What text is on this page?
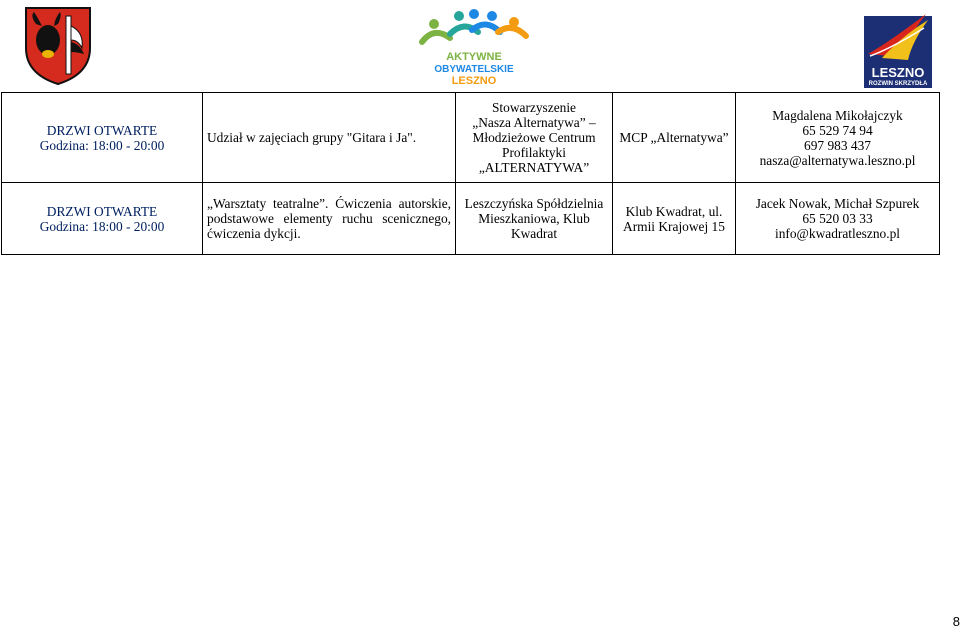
AKTYWNE
OBYWATELSKIE
LESZNO
LESZNO
ROZWIN SKRZYDŁA
DRZWI OTWARTE
Godzina: 18:00 - 20:00	Udział w zajęciach grupy "Gitara i Ja".	Stowarzyszenie
„Nasza Alternatywa” –
Młodzieżowe Centrum
Profilaktyki
„ALTERNATYWA”	MCP „Alternatywa”	Magdalena Mikołajczyk
65 529 74 94
697 983 437
nasza@alternatywa.leszno.pl

DRZWI OTWARTE
Godzina: 18:00 - 20:00	„Warsztaty teatralne”. Ćwiczenia autorskie, podstawowe elementy ruchu scenicznego, ćwiczenia dykcji.	Leszczyńska Spółdzielnia
Mieszkaniowa, Klub
Kwadrat	Klub Kwadrat, ul.
Armii Krajowej 15	Jacek Nowak, Michał Szpurek
65 520 03 33
info@kwadratleszno.pl
8
